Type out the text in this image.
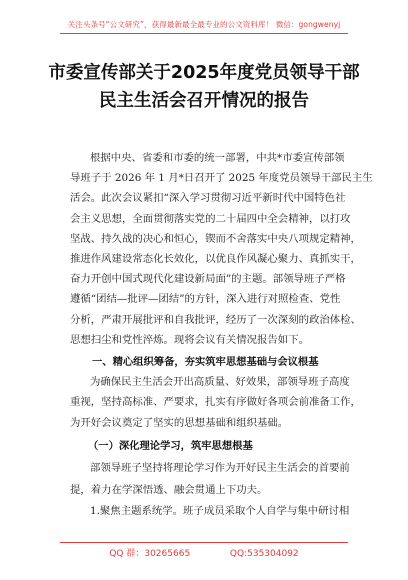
关注头条号“公文研究”，获得最新最全最专业的公文资料库！ 微信：gongwenyj
市委宣传部关于2025年度党员领导干部
民主生活会召开情况的报告
根据中央、省委和市委的统一部署，中共*市委宣传部领
导班子于 2026 年 1 月*日召开了 2025 年度党员领导干部民主生
活会。此次会议紧扣“深入学习贯彻习近平新时代中国特色社
会主义思想，全面贯彻落实党的二十届四中全会精神，以打攻
坚战、持久战的决心和恒心，锲而不舍落实中央八项规定精神，
推进作风建设常态化长效化，以优良作风凝心聚力、真抓实干，
奋力开创中国式现代化建设新局面”的主题。部领导班子严格
遵循“团结—批评—团结”的方针，深入进行对照检查、党性
分析，严肃开展批评和自我批评，经历了一次深刻的政治体检、
思想扫尘和党性淬炼。现将会议有关情况报告如下。
一、精心组织筹备，夯实筑牢思想基础与会议根基
为确保民主生活会开出高质量、好效果，部领导班子高度
重视，坚持高标准、严要求，扎实有序做好各项会前准备工作，
为开好会议奠定了坚实的思想基础和组织基础。
（一）深化理论学习，筑牢思想根基
部领导班子坚持将理论学习作为开好民主生活会的首要前
提，着力在学深悟透、融会贯通上下功夫。
1.聚焦主题系统学。班子成员采取个人自学与集中研讨相
QQ 群：30265665	QQ:535304092
